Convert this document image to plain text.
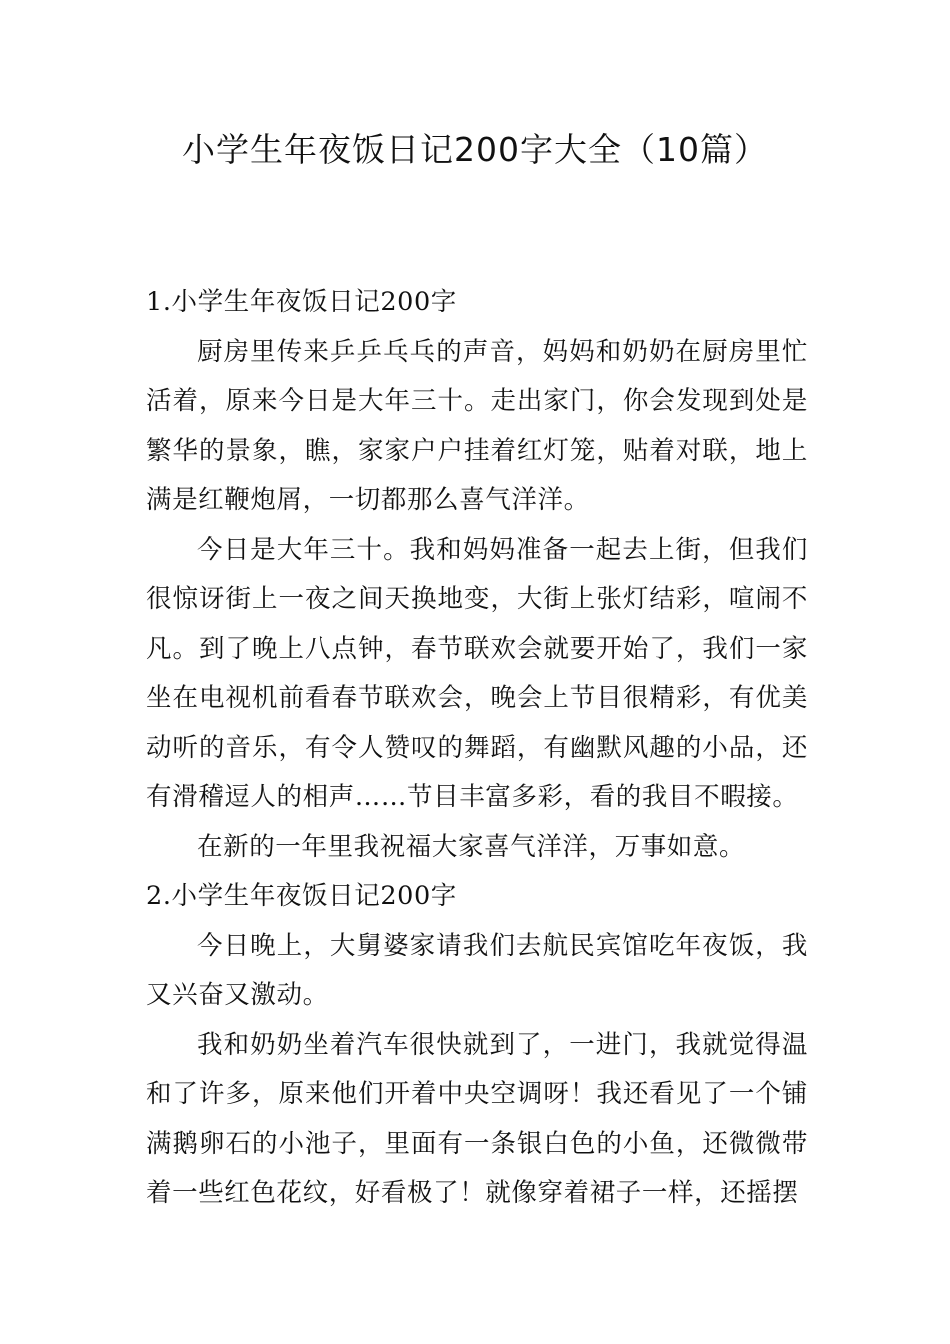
小学生年夜饭日记200字大全（10篇）

1.小学生年夜饭日记200字

厨房里传来乒乒乓乓的声音，妈妈和奶奶在厨房里忙活着，原来今日是大年三十。走出家门，你会发现到处是繁华的景象，瞧，家家户户挂着红灯笼，贴着对联，地上满是红鞭炮屑，一切都那么喜气洋洋。

今日是大年三十。我和妈妈准备一起去上街，但我们很惊讶街上一夜之间天换地变，大街上张灯结彩，喧闹不凡。到了晚上八点钟，春节联欢会就要开始了，我们一家坐在电视机前看春节联欢会，晚会上节目很精彩，有优美动听的音乐，有令人赞叹的舞蹈，有幽默风趣的小品，还有滑稽逗人的相声……节目丰富多彩，看的我目不暇接。

在新的一年里我祝福大家喜气洋洋，万事如意。

2.小学生年夜饭日记200字

今日晚上，大舅婆家请我们去航民宾馆吃年夜饭，我又兴奋又激动。

我和奶奶坐着汽车很快就到了，一进门，我就觉得温和了许多，原来他们开着中央空调呀！我还看见了一个铺满鹅卵石的小池子，里面有一条银白色的小鱼，还微微带着一些红色花纹，好看极了！就像穿着裙子一样，还摇摆
